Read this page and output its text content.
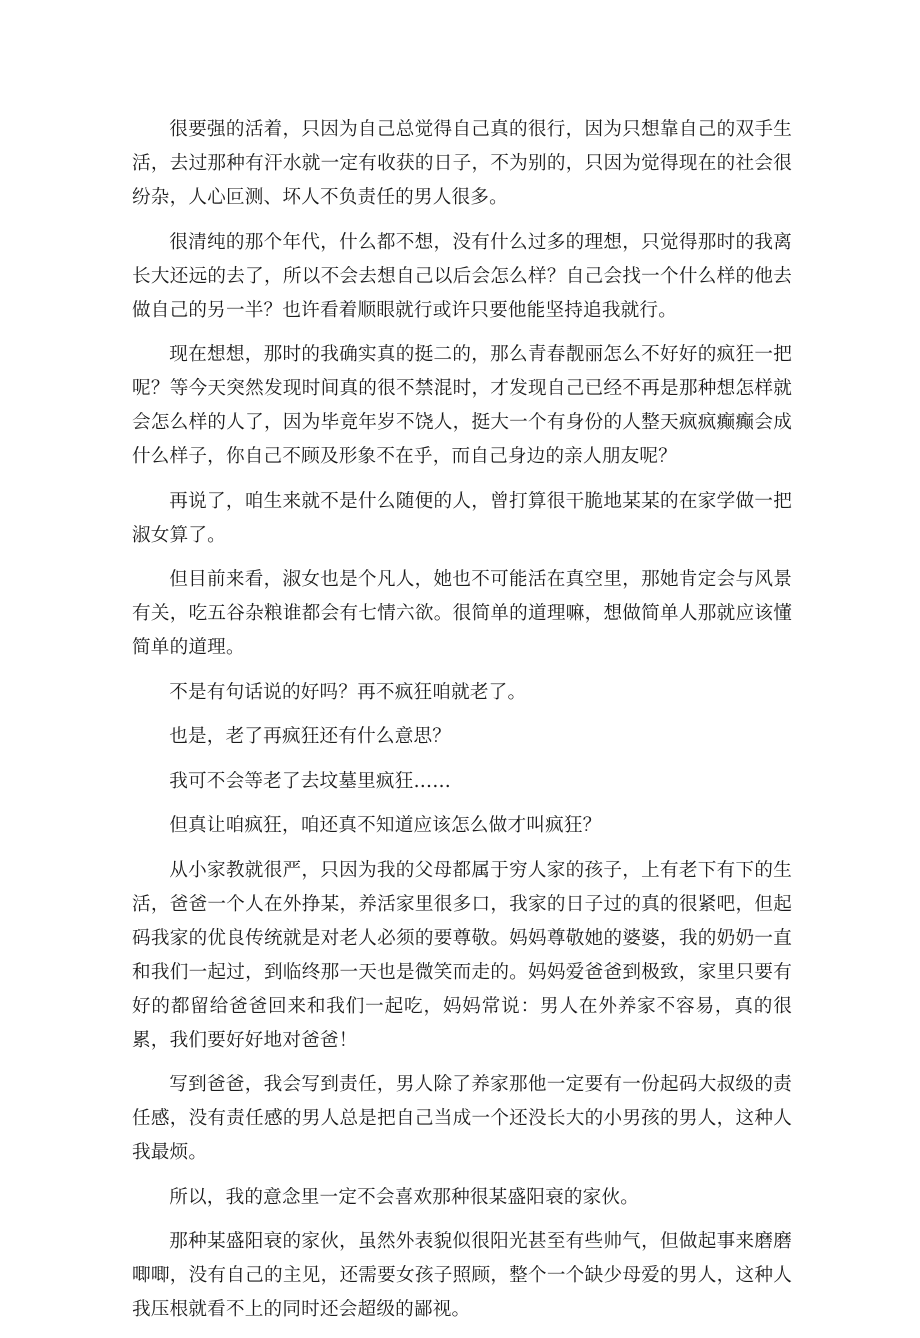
很要强的活着，只因为自己总觉得自己真的很行，因为只想靠自己的双手生活，去过那种有汗水就一定有收获的日子，不为别的，只因为觉得现在的社会很纷杂，人心叵测、坏人不负责任的男人很多。

很清纯的那个年代，什么都不想，没有什么过多的理想，只觉得那时的我离长大还远的去了，所以不会去想自己以后会怎么样？自己会找一个什么样的他去做自己的另一半？也许看着顺眼就行或许只要他能坚持追我就行。

现在想想，那时的我确实真的挺二的，那么青春靓丽怎么不好好的疯狂一把呢？等今天突然发现时间真的很不禁混时，才发现自己已经不再是那种想怎样就会怎么样的人了，因为毕竟年岁不饶人，挺大一个有身份的人整天疯疯癫癫会成什么样子，你自己不顾及形象不在乎，而自己身边的亲人朋友呢？

再说了，咱生来就不是什么随便的人，曾打算很干脆地某某的在家学做一把淑女算了。

但目前来看，淑女也是个凡人，她也不可能活在真空里，那她肯定会与风景有关，吃五谷杂粮谁都会有七情六欲。很简单的道理嘛，想做简单人那就应该懂简单的道理。

不是有句话说的好吗？再不疯狂咱就老了。

也是，老了再疯狂还有什么意思？

我可不会等老了去坟墓里疯狂……

但真让咱疯狂，咱还真不知道应该怎么做才叫疯狂？

从小家教就很严，只因为我的父母都属于穷人家的孩子，上有老下有下的生活，爸爸一个人在外挣某，养活家里很多口，我家的日子过的真的很紧吧，但起码我家的优良传统就是对老人必须的要尊敬。妈妈尊敬她的婆婆，我的奶奶一直和我们一起过，到临终那一天也是微笑而走的。妈妈爱爸爸到极致，家里只要有好的都留给爸爸回来和我们一起吃，妈妈常说：男人在外养家不容易，真的很累，我们要好好地对爸爸！

写到爸爸，我会写到责任，男人除了养家那他一定要有一份起码大叔级的责任感，没有责任感的男人总是把自己当成一个还没长大的小男孩的男人，这种人我最烦。

所以，我的意念里一定不会喜欢那种很某盛阳衰的家伙。

那种某盛阳衰的家伙，虽然外表貌似很阳光甚至有些帅气，但做起事来磨磨唧唧，没有自己的主见，还需要女孩子照顾，整个一个缺少母爱的男人，这种人我压根就看不上的同时还会超级的鄙视。
